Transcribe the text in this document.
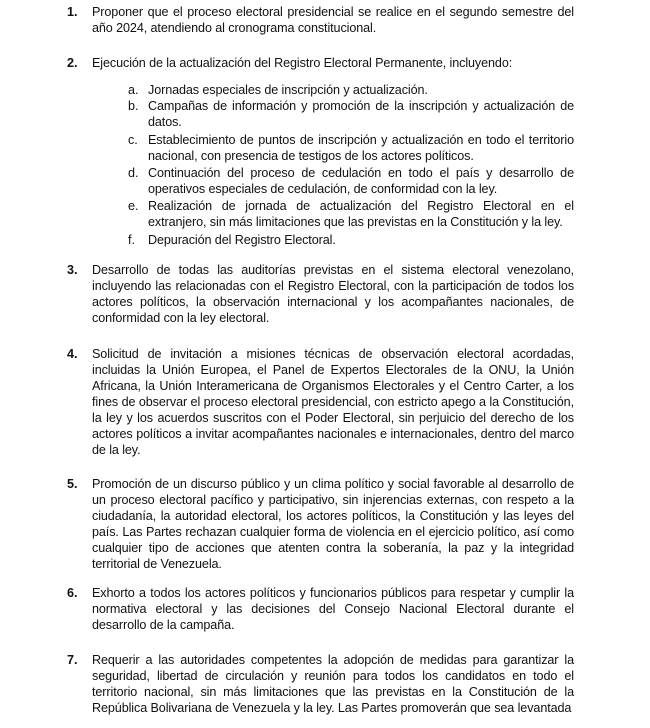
1. Proponer que el proceso electoral presidencial se realice en el segundo semestre del año 2024, atendiendo al cronograma constitucional.
2. Ejecución de la actualización del Registro Electoral Permanente, incluyendo:
a. Jornadas especiales de inscripción y actualización.
b. Campañas de información y promoción de la inscripción y actualización de datos.
c. Establecimiento de puntos de inscripción y actualización en todo el territorio nacional, con presencia de testigos de los actores políticos.
d. Continuación del proceso de cedulación en todo el país y desarrollo de operativos especiales de cedulación, de conformidad con la ley.
e. Realización de jornada de actualización del Registro Electoral en el extranjero, sin más limitaciones que las previstas en la Constitución y la ley.
f. Depuración del Registro Electoral.
3. Desarrollo de todas las auditorías previstas en el sistema electoral venezolano, incluyendo las relacionadas con el Registro Electoral, con la participación de todos los actores políticos, la observación internacional y los acompañantes nacionales, de conformidad con la ley electoral.
4. Solicitud de invitación a misiones técnicas de observación electoral acordadas, incluidas la Unión Europea, el Panel de Expertos Electorales de la ONU, la Unión Africana, la Unión Interamericana de Organismos Electorales y el Centro Carter, a los fines de observar el proceso electoral presidencial, con estricto apego a la Constitución, la ley y los acuerdos suscritos con el Poder Electoral, sin perjuicio del derecho de los actores políticos a invitar acompañantes nacionales e internacionales, dentro del marco de la ley.
5. Promoción de un discurso público y un clima político y social favorable al desarrollo de un proceso electoral pacífico y participativo, sin injerencias externas, con respeto a la ciudadanía, la autoridad electoral, los actores políticos, la Constitución y las leyes del país. Las Partes rechazan cualquier forma de violencia en el ejercicio político, así como cualquier tipo de acciones que atenten contra la soberanía, la paz y la integridad territorial de Venezuela.
6. Exhorto a todos los actores políticos y funcionarios públicos para respetar y cumplir la normativa electoral y las decisiones del Consejo Nacional Electoral durante el desarrollo de la campaña.
7. Requerir a las autoridades competentes la adopción de medidas para garantizar la seguridad, libertad de circulación y reunión para todos los candidatos en todo el territorio nacional, sin más limitaciones que las previstas en la Constitución de la República Bolivariana de Venezuela y la ley. Las Partes promoverán que sea levantada
